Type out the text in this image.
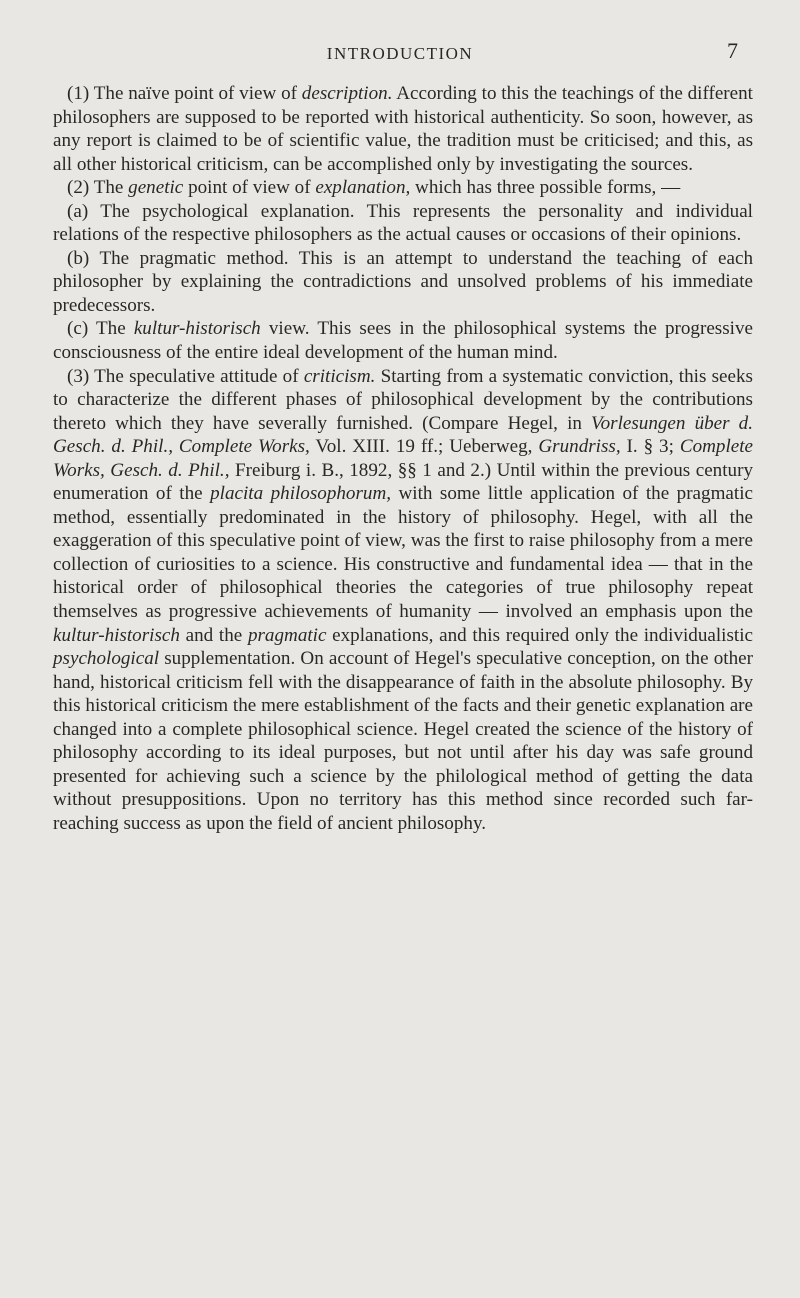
INTRODUCTION	7

(1) The naïve point of view of description. According to this the teachings of the different philosophers are supposed to be reported with historical authenticity. So soon, however, as any report is claimed to be of scientific value, the tradition must be criticised; and this, as all other historical criticism, can be accomplished only by investigating the sources.

(2) The genetic point of view of explanation, which has three possible forms, —

(a) The psychological explanation. This represents the personality and individual relations of the respective philosophers as the actual causes or occasions of their opinions.

(b) The pragmatic method. This is an attempt to understand the teaching of each philosopher by explaining the contradictions and unsolved problems of his immediate predecessors.

(c) The kultur-historisch view. This sees in the philosophical systems the progressive consciousness of the entire ideal development of the human mind.

(3) The speculative attitude of criticism. Starting from a systematic conviction, this seeks to characterize the different phases of philosophical development by the contributions thereto which they have severally furnished. (Compare Hegel, in Vorlesungen über d. Gesch. d. Phil., Complete Works, Vol. XIII. 19 ff.; Ueberweg, Grundriss, I. § 3; Complete Works, Gesch. d. Phil., Freiburg i. B., 1892, §§ 1 and 2.) Until within the previous century enumeration of the placita philosophorum, with some little application of the pragmatic method, essentially predominated in the history of philosophy. Hegel, with all the exaggeration of this speculative point of view, was the first to raise philosophy from a mere collection of curiosities to a science. His constructive and fundamental idea — that in the historical order of philosophical theories the categories of true philosophy repeat themselves as progressive achievements of humanity — involved an emphasis upon the kultur-historisch and the pragmatic explanations, and this required only the individualistic psychological supplementation. On account of Hegel's speculative conception, on the other hand, historical criticism fell with the disappearance of faith in the absolute philosophy. By this historical criticism the mere establishment of the facts and their genetic explanation are changed into a complete philosophical science. Hegel created the science of the history of philosophy according to its ideal purposes, but not until after his day was safe ground presented for achieving such a science by the philological method of getting the data without presuppositions. Upon no territory has this method since recorded such far-reaching success as upon the field of ancient philosophy.
